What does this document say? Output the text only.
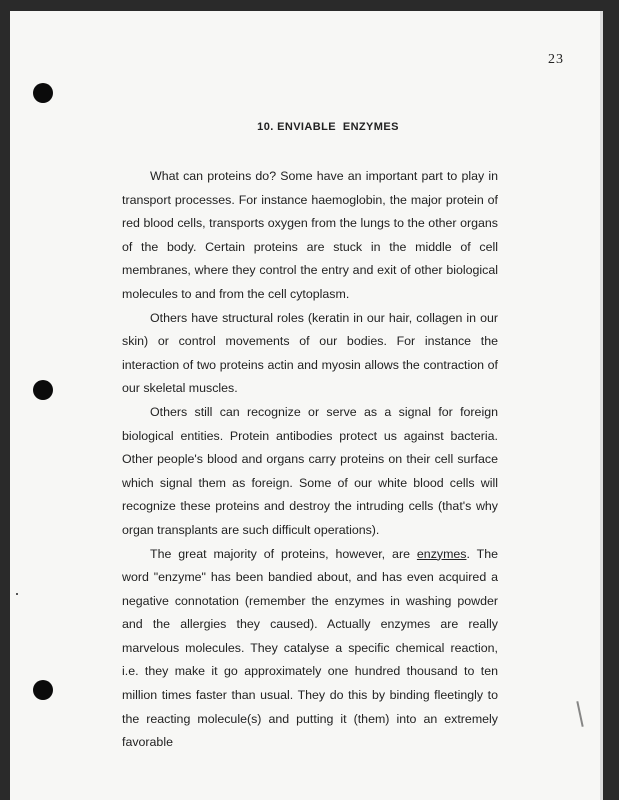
23
10. ENVIABLE  ENZYMES

What can proteins do? Some have an important part to play in transport processes. For instance haemoglobin, the major protein of red blood cells, transports oxygen from the lungs to the other organs of the body. Certain proteins are stuck in the middle of cell membranes, where they control the entry and exit of other biological molecules to and from the cell cytoplasm.

Others have structural roles (keratin in our hair, collagen in our skin) or control movements of our bodies. For instance the interaction of two proteins actin and myosin allows the contraction of our skeletal muscles.

Others still can recognize or serve as a signal for foreign biological entities. Protein antibodies protect us against bacteria. Other people's blood and organs carry proteins on their cell surface which signal them as foreign. Some of our white blood cells will recognize these proteins and destroy the intruding cells (that's why organ transplants are such difficult operations).

The great majority of proteins, however, are enzymes. The word "enzyme" has been bandied about, and has even acquired a negative connotation (remember the enzymes in washing powder and the allergies they caused). Actually enzymes are really marvelous molecules. They catalyse a specific chemical reaction, i.e. they make it go approximately one hundred thousand to ten million times faster than usual. They do this by binding fleetingly to the reacting molecule(s) and putting it (them) into an extremely favorable
